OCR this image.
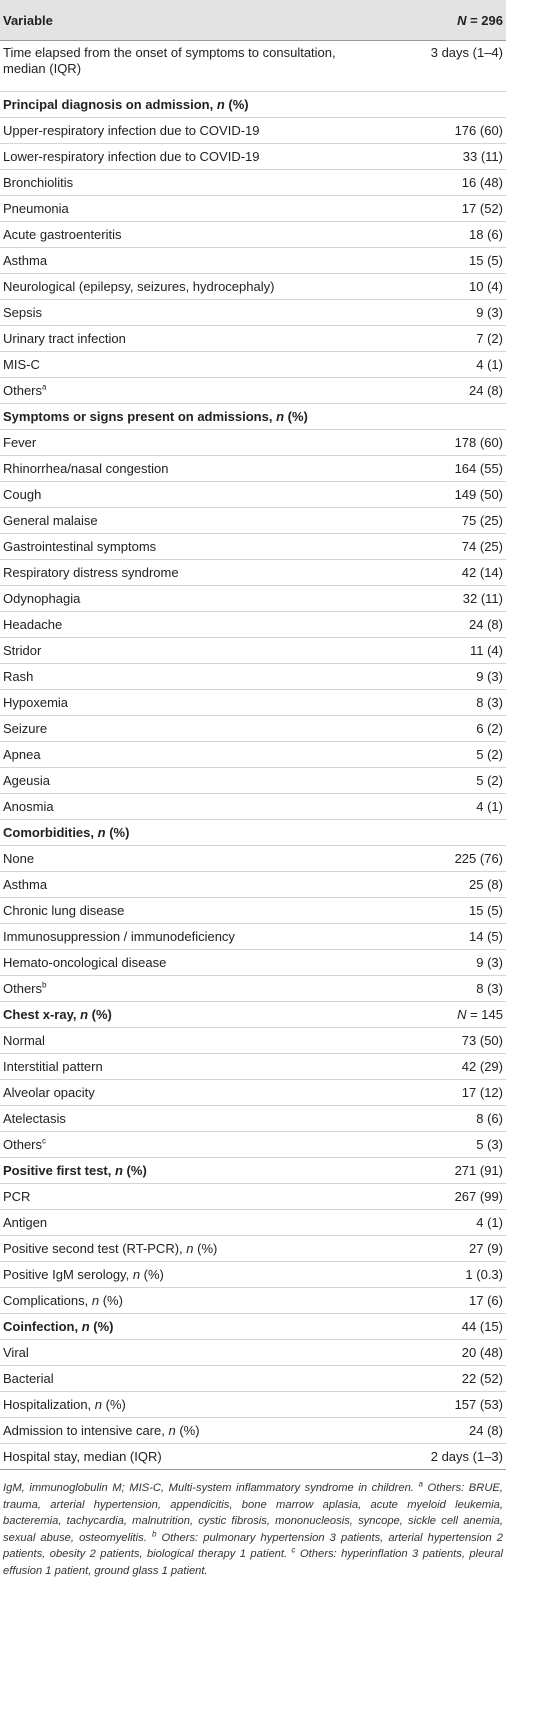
Variable	N = 296
Time elapsed from the onset of symptoms to consultation, median (IQR)	3 days (1–4)
Principal diagnosis on admission, n (%)	
Upper-respiratory infection due to COVID-19	176 (60)
Lower-respiratory infection due to COVID-19	33 (11)
Bronchiolitis	16 (48)
Pneumonia	17 (52)
Acute gastroenteritis	18 (6)
Asthma	15 (5)
Neurological (epilepsy, seizures, hydrocephaly)	10 (4)
Sepsis	9 (3)
Urinary tract infection	7 (2)
MIS-C	4 (1)
Others$^a$	24 (8)
Symptoms or signs present on admissions, n (%)	
Fever	178 (60)
Rhinorrhea/nasal congestion	164 (55)
Cough	149 (50)
General malaise	75 (25)
Gastrointestinal symptoms	74 (25)
Respiratory distress syndrome	42 (14)
Odynophagia	32 (11)
Headache	24 (8)
Stridor	11 (4)
Rash	9 (3)
Hypoxemia	8 (3)
Seizure	6 (2)
Apnea	5 (2)
Ageusia	5 (2)
Anosmia	4 (1)
Comorbidities, n (%)	
None	225 (76)
Asthma	25 (8)
Chronic lung disease	15 (5)
Immunosuppression / immunodeficiency	14 (5)
Hemato-oncological disease	9 (3)
Others$^b$	8 (3)
Chest x-ray, n (%)	N = 145
Normal	73 (50)
Interstitial pattern	42 (29)
Alveolar opacity	17 (12)
Atelectasis	8 (6)
Others$^c$	5 (3)
Positive first test, n (%)	271 (91)
PCR	267 (99)
Antigen	4 (1)
Positive second test (RT-PCR), n (%)	27 (9)
Positive IgM serology, n (%)	1 (0.3)
Complications, n (%)	17 (6)
Coinfection, n (%)	44 (15)
Viral	20 (48)
Bacterial	22 (52)
Hospitalization, n (%)	157 (53)
Admission to intensive care, n (%)	24 (8)
Hospital stay, median (IQR)	2 days (1–3)
IgM, immunoglobulin M; MIS-C, Multi-system inflammatory syndrome in children. $^a$ Others: BRUE, trauma, arterial hypertension, appendicitis, bone marrow aplasia, acute myeloid leukemia, bacteremia, tachycardia, malnutrition, cystic fibrosis, mononucleosis, syncope, sickle cell anemia, sexual abuse, osteomyelitis. $^b$ Others: pulmonary hypertension 3 patients, arterial hypertension 2 patients, obesity 2 patients, biological therapy 1 patient. $^c$ Others: hyperinflation 3 patients, pleural effusion 1 patient, ground glass 1 patient.
